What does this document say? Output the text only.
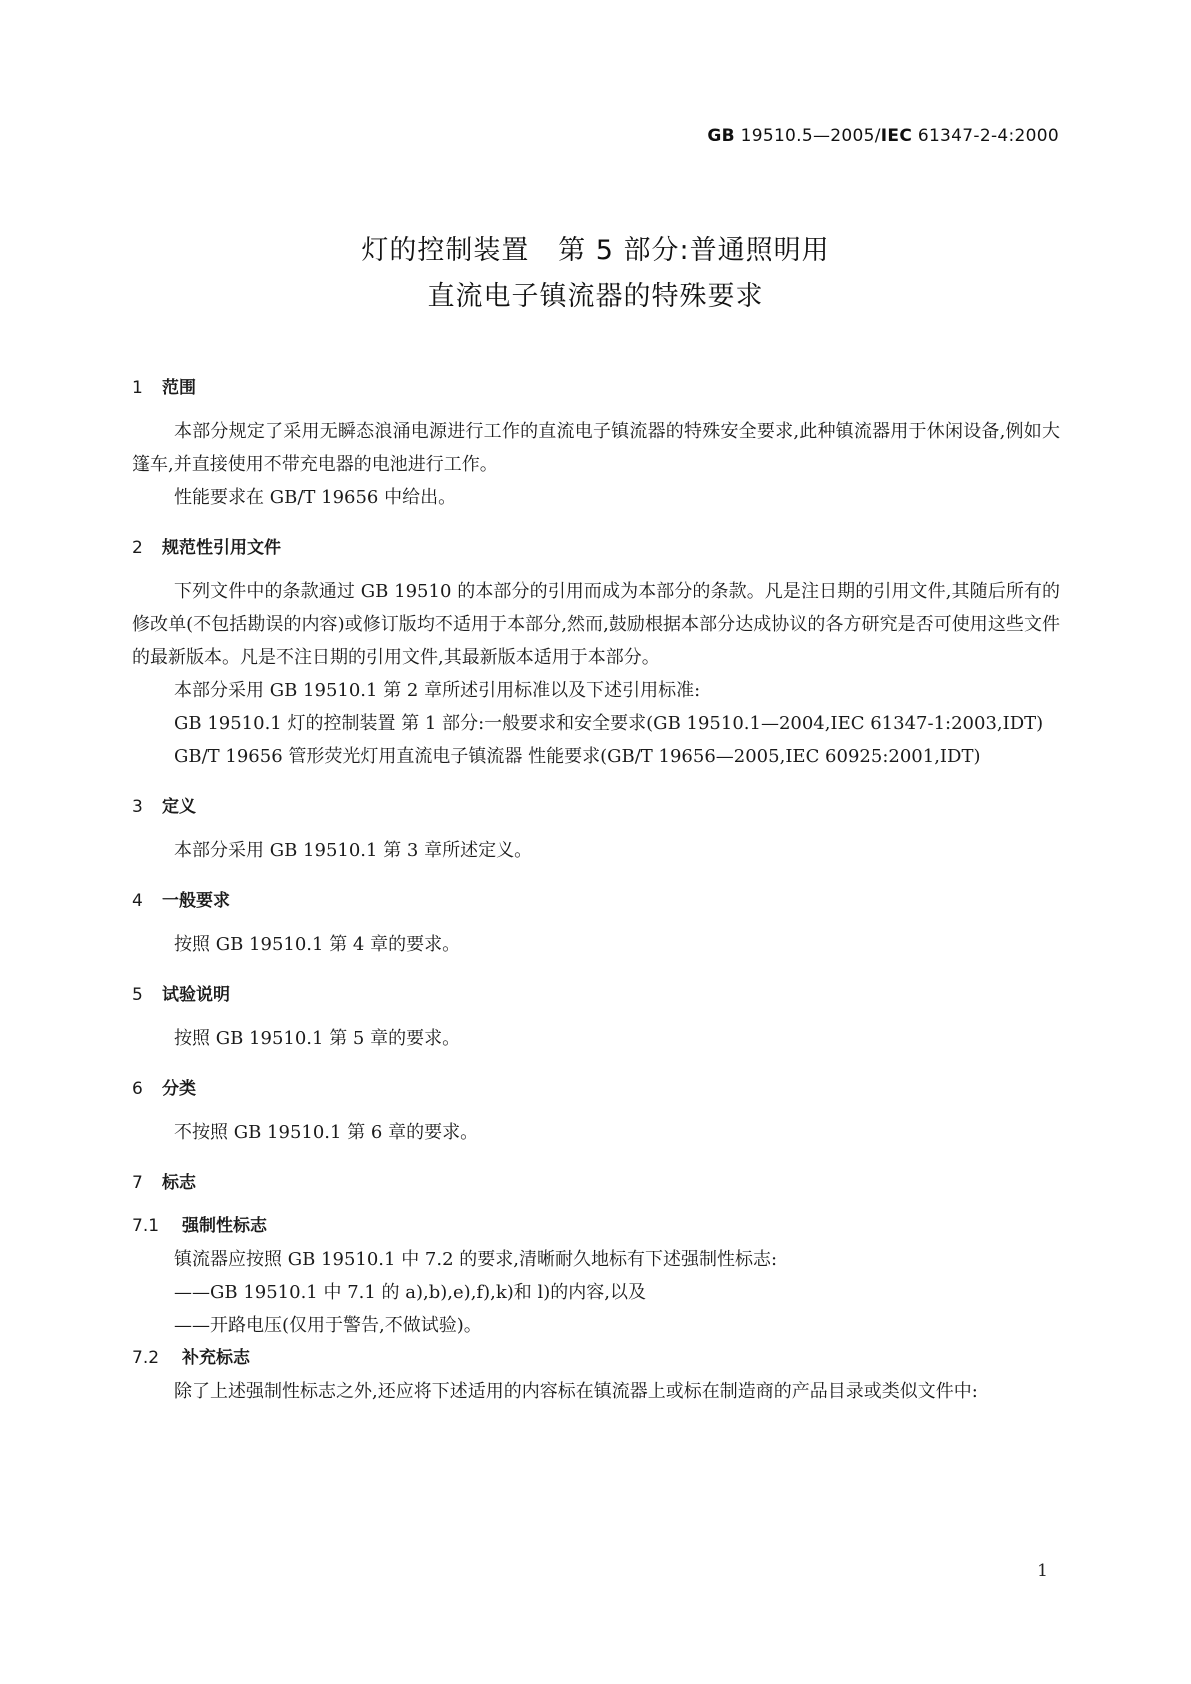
GB 19510.5—2005/IEC 61347-2-4:2000
灯的控制装置   第 5 部分:普通照明用
直流电子镇流器的特殊要求
1 范围

本部分规定了采用无瞬态浪涌电源进行工作的直流电子镇流器的特殊安全要求,此种镇流器用于休闲设备,例如大篷车,并直接使用不带充电器的电池进行工作。

性能要求在 GB/T 19656 中给出。

2 规范性引用文件

下列文件中的条款通过 GB 19510 的本部分的引用而成为本部分的条款。凡是注日期的引用文件,其随后所有的修改单(不包括勘误的内容)或修订版均不适用于本部分,然而,鼓励根据本部分达成协议的各方研究是否可使用这些文件的最新版本。凡是不注日期的引用文件,其最新版本适用于本部分。

本部分采用 GB 19510.1 第 2 章所述引用标准以及下述引用标准:

GB 19510.1 灯的控制装置 第 1 部分:一般要求和安全要求(GB 19510.1—2004,IEC 61347-1:2003,IDT)

GB/T 19656 管形荧光灯用直流电子镇流器 性能要求(GB/T 19656—2005,IEC 60925:2001,IDT)

3 定义

本部分采用 GB 19510.1 第 3 章所述定义。

4 一般要求

按照 GB 19510.1 第 4 章的要求。

5 试验说明

按照 GB 19510.1 第 5 章的要求。

6 分类

不按照 GB 19510.1 第 6 章的要求。

7 标志
7.1 强制性标志

镇流器应按照 GB 19510.1 中 7.2 的要求,清晰耐久地标有下述强制性标志:

——GB 19510.1 中 7.1 的 a),b),e),f),k)和 l)的内容,以及

——开路电压(仅用于警告,不做试验)。

7.2 补充标志

除了上述强制性标志之外,还应将下述适用的内容标在镇流器上或标在制造商的产品目录或类似文件中:

1
